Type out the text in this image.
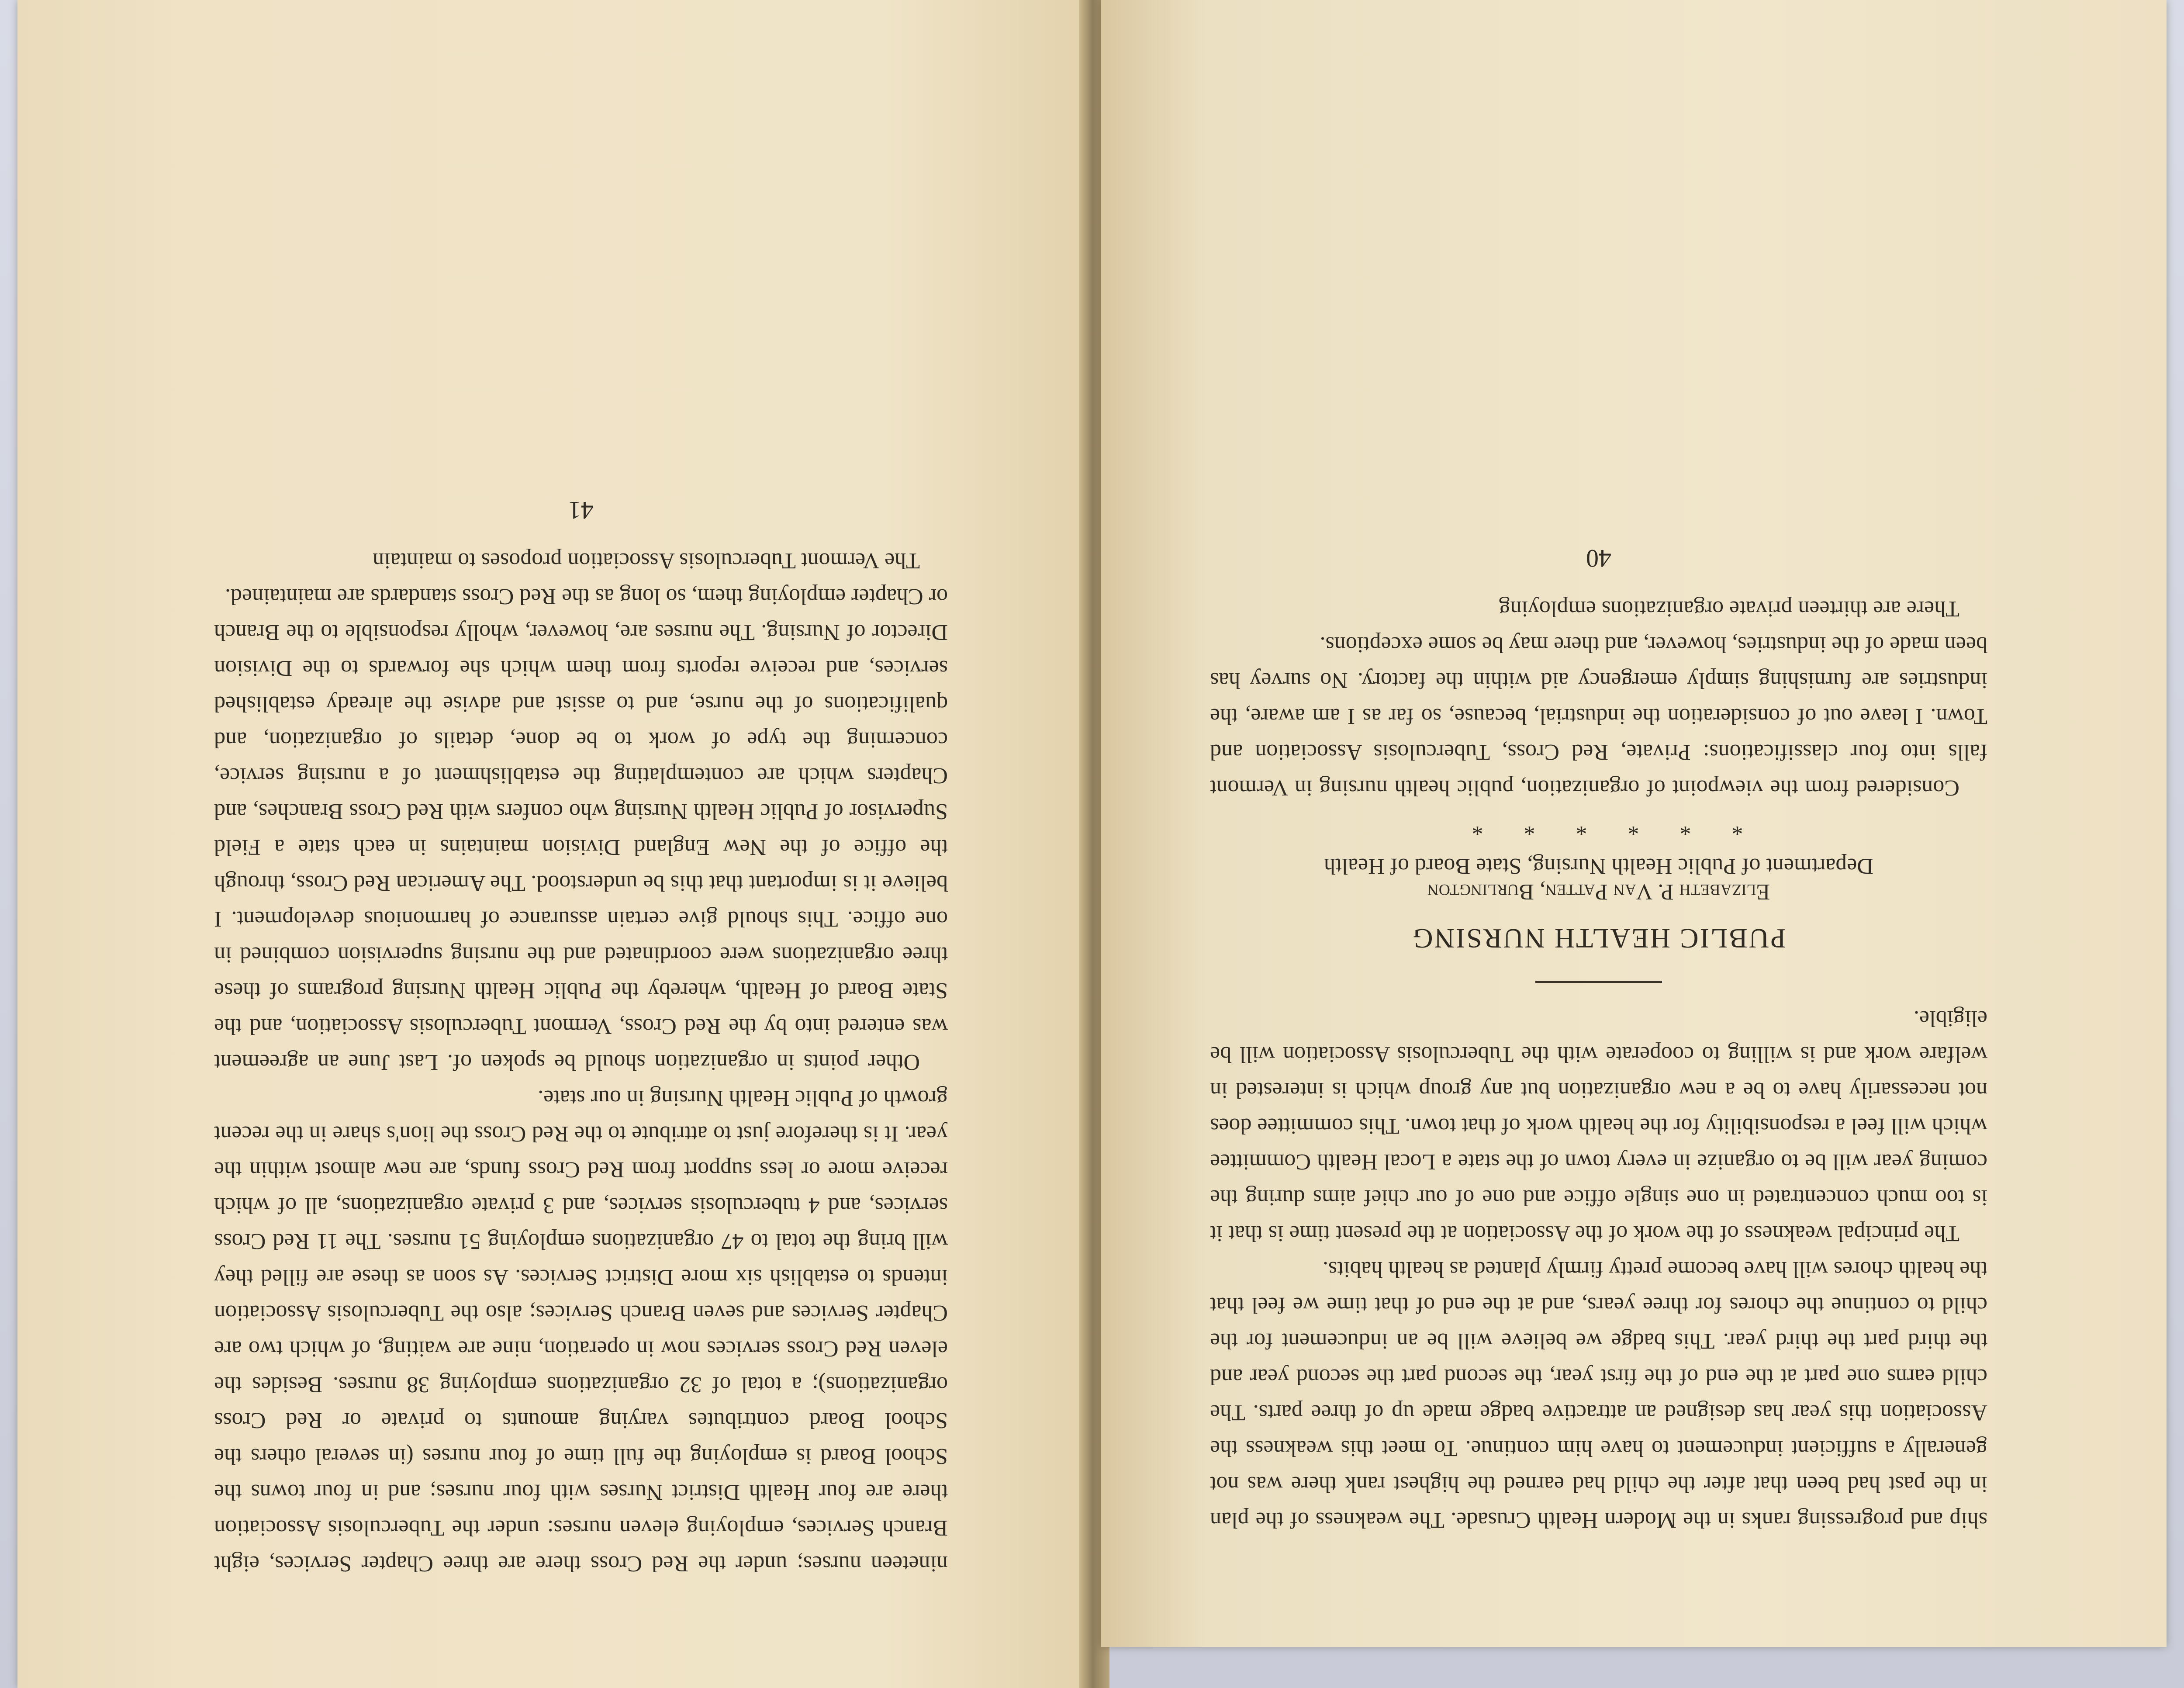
nineteen nurses; under the Red Cross there are three Chapter Services, eight Branch Services, employing eleven nurses: under the Tuberculosis Association there are four Health District Nurses with four nurses; and in four towns the School Board is employing the full time of four nurses (in several others the School Board contributes varying amounts to private or Red Cross organizations); a total of 32 organizations employing 38 nurses. Besides the eleven Red Cross services now in operation, nine are waiting, of which two are Chapter Services and seven Branch Services; also the Tuberculosis Association intends to establish six more District Services. As soon as these are filled they will bring the total to 47 organizations employing 51 nurses. The 11 Red Cross services, and 4 tuberculosis services, and 3 private organizations, all of which receive more or less support from Red Cross funds, are new almost within the year. It is therefore just to attribute to the Red Cross the lion's share in the recent growth of Public Health Nursing in our state.

Other points in organization should be spoken of. Last June an agreement was entered into by the Red Cross, Vermont Tuberculosis Association, and the State Board of Health, whereby the Public Health Nursing programs of these three organizations were coordinated and the nursing supervision combined in one office. This should give certain assurance of harmonious development. I believe it is important that this be understood. The American Red Cross, through the office of the New England Division maintains in each state a Field Supervisor of Public Health Nursing who confers with Red Cross Branches, and Chapters which are contemplating the establishment of a nursing service, concerning the type of work to be done, details of organization, and qualifications of the nurse, and to assist and advise the already established services, and receive reports from them which she forwards to the Division Director of Nursing. The nurses are, however, wholly responsible to the Branch or Chapter employing them, so long as the Red Cross standards are maintained.

The Vermont Tuberculosis Association proposes to maintain

41

ship and progressing ranks in the Modern Health Crusade. The weakness of the plan in the past had been that after the child had earned the highest rank there was not generally a sufficient inducement to have him continue. To meet this weakness the Association this year has designed an attractive badge made up of three parts. The child earns one part at the end of the first year, the second part the second year and the third part the third year. This badge we believe will be an inducement for the child to continue the chores for three years, and at the end of that time we feel that the health chores will have become pretty firmly planted as health habits.

The principal weakness of the work of the Association at the present time is that it is too much concentrated in one single office and one of our chief aims during the coming year will be to organize in every town of the state a Local Health Committee which will feel a responsibility for the health work of that town. This committee does not necessarily have to be a new organization but any group which is interested in welfare work and is willing to cooperate with the Tuberculosis Association will be eligible.

PUBLIC HEALTH NURSING

Elizabeth P. Van Patten, Burlington

Department of Public Health Nursing, State Board of Health

* * * * * *

Considered from the viewpoint of organization, public health nursing in Vermont falls into four classifications: Private, Red Cross, Tuberculosis Association and Town. I leave out of consideration the industrial, because, so far as I am aware, the industries are furnishing simply emergency aid within the factory. No survey has been made of the industries, however, and there may be some exceptions.

There are thirteen private organizations employing

40
